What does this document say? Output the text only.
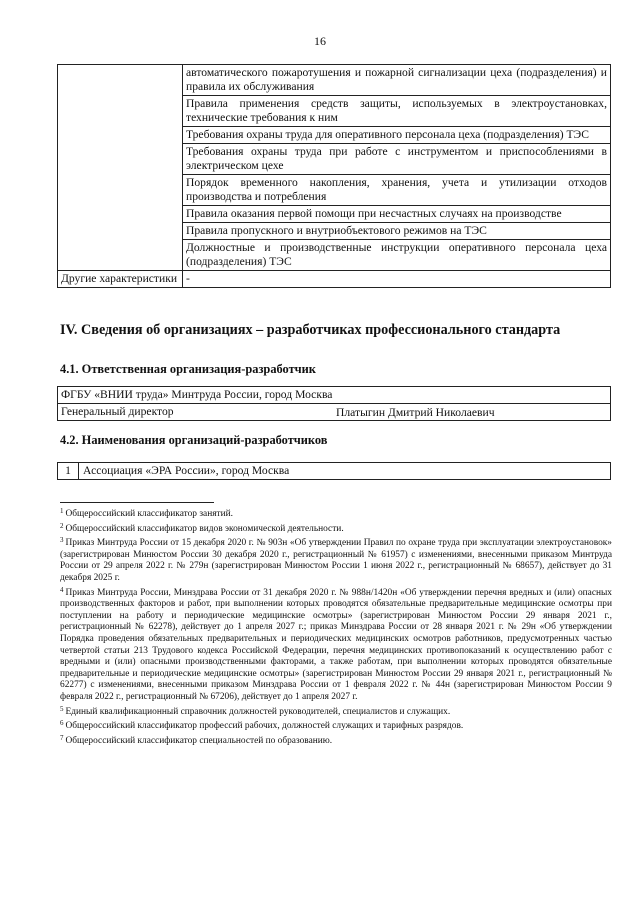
16
	автоматического пожаротушения и пожарной сигнализации цеха (подразделения) и правила их обслуживания
	Правила применения средств защиты, используемых в электроустановках, технические требования к ним
	Требования охраны труда для оперативного персонала цеха (подразделения) ТЭС
	Требования охраны труда при работе с инструментом и приспособлениями в электрическом цехе
	Порядок временного накопления, хранения, учета и утилизации отходов производства и потребления
	Правила оказания первой помощи при несчастных случаях на производстве
	Правила пропускного и внутриобъектового режимов на ТЭС
	Должностные и производственные инструкции оперативного персонала цеха (подразделения) ТЭС
Другие характеристики	-
IV. Сведения об организациях – разработчиках профессионального стандарта
4.1. Ответственная организация-разработчик
ФГБУ «ВНИИ труда» Минтруда России, город Москва

Генеральный директор	Платыгин Дмитрий Николаевич
4.2. Наименования организаций-разработчиков
1	Ассоциация «ЭРА России», город Москва

$^1$ Общероссийский классификатор занятий.

$^2$ Общероссийский классификатор видов экономической деятельности.

$^3$ Приказ Минтруда России от 15 декабря 2020 г. № 903н «Об утверждении Правил по охране труда при эксплуатации электроустановок» (зарегистрирован Минюстом России 30 декабря 2020 г., регистрационный № 61957) с изменениями, внесенными приказом Минтруда России от 29 апреля 2022 г. № 279н (зарегистрирован Минюстом России 1 июня 2022 г., регистрационный № 68657), действует до 31 декабря 2025 г.

$^4$ Приказ Минтруда России, Минздрава России от 31 декабря 2020 г. № 988н/1420н «Об утверждении перечня вредных и (или) опасных производственных факторов и работ, при выполнении которых проводятся обязательные предварительные медицинские осмотры при поступлении на работу и периодические медицинские осмотры» (зарегистрирован Минюстом России 29 января 2021 г., регистрационный № 62278), действует до 1 апреля 2027 г.; приказ Минздрава России от 28 января 2021 г. № 29н «Об утверждении Порядка проведения обязательных предварительных и периодических медицинских осмотров работников, предусмотренных частью четвертой статьи 213 Трудового кодекса Российской Федерации, перечня медицинских противопоказаний к осуществлению работ с вредными и (или) опасными производственными факторами, а также работам, при выполнении которых проводятся обязательные предварительные и периодические медицинские осмотры» (зарегистрирован Минюстом России 29 января 2021 г., регистрационный № 62277) с изменениями, внесенными приказом Минздрава России от 1 февраля 2022 г. № 44н (зарегистрирован Минюстом России 9 февраля 2022 г., регистрационный № 67206), действует до 1 апреля 2027 г.

$^5$ Единый квалификационный справочник должностей руководителей, специалистов и служащих.

$^6$ Общероссийский классификатор профессий рабочих, должностей служащих и тарифных разрядов.

$^7$ Общероссийский классификатор специальностей по образованию.
